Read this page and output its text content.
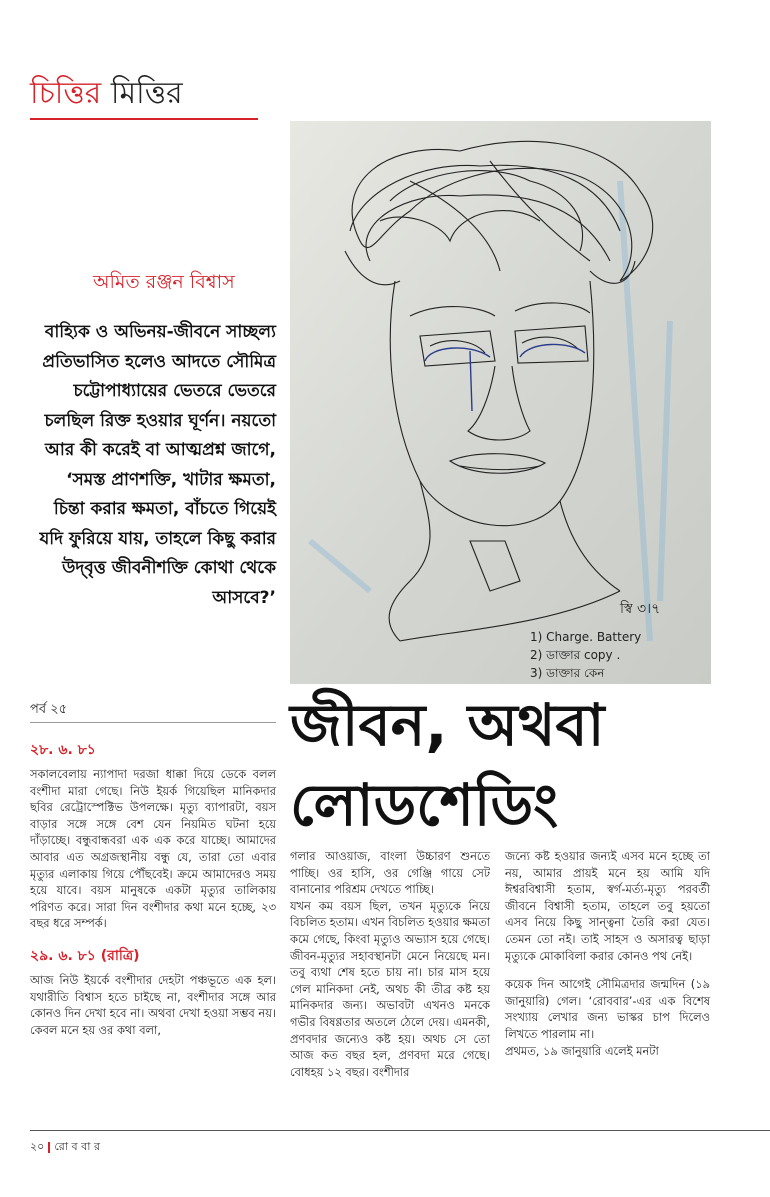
চিত্তির মিত্তির
অমিত রঞ্জন বিশ্বাস
বাহ্যিক ও অভিনয়-জীবনে সাচ্ছল্য প্রতিভাসিত হলেও আদতে সৌমিত্র চট্টোপাধ্যায়ের ভেতরে ভেতরে চলছিল রিক্ত হওয়ার ঘূর্ণন। নয়তো আর কী করেই বা আত্মপ্রশ্ন জাগে, ‘সমস্ত প্রাণশক্তি, খাটার ক্ষমতা, চিন্তা করার ক্ষমতা, বাঁচতে গিয়েই যদি ফুরিয়ে যায়, তাহলে কিছু করার উদ্‌বৃত্ত জীবনীশক্তি কোথা থেকে আসবে?’
স্বি ৩।৭
1) Charge. Battery
2) ডাক্তার copy .
3) ডাক্তার কেন
পর্ব ২৫	জীবন, অথবা
লোডশেডিং
২৮. ৬. ৮১
সকালবেলায় ন্যাপাদা দরজা ধাক্কা দিয়ে ডেকে বলল বংশীদা মারা গেছে। নিউ ইয়র্ক গিয়েছিল মানিকদার ছবির রেট্রোস্পেক্টিভ উপলক্ষে। মৃত্যু ব্যাপারটা, বয়স বাড়ার সঙ্গে সঙ্গে বেশ যেন নিয়মিত ঘটনা হয়ে দাঁড়াচ্ছে। বন্ধুবান্ধবরা এক এক করে যাচ্ছে। আমাদের আবার এত অগ্রজস্থানীয় বন্ধু যে, তারা তো এবার মৃত্যুর এলাকায় গিয়ে পৌঁছবেই। ক্রমে আমাদেরও সময় হয়ে যাবে। বয়স মানুষকে একটা মৃত্যুর তালিকায় পরিণত করে। সারা দিন বংশীদার কথা মনে হচ্ছে, ২৩ বছর ধরে সম্পর্ক।
২৯. ৬. ৮১ (রাত্রি)
আজ নিউ ইয়র্কে বংশীদার দেহটা পঞ্চভূতে এক হল। যথারীতি বিশ্বাস হতে চাইছে না, বংশীদার সঙ্গে আর কোনও দিন দেখা হবে না। অথবা দেখা হওয়া সম্ভব নয়। কেবল মনে হয় ওর কথা বলা,
গলার আওয়াজ, বাংলা উচ্চারণ শুনতে পাচ্ছি। ওর হাসি, ওর গেঞ্জি গায়ে সেট বানানোর পরিশ্রম দেখতে পাচ্ছি।
যখন কম বয়স ছিল, তখন মৃত্যুকে নিয়ে বিচলিত হতাম। এখন বিচলিত হওয়ার ক্ষমতা কমে গেছে, কিংবা মৃত্যুও অভ্যাস হয়ে গেছে। জীবন-মৃত্যুর সহাবস্থানটা মেনে নিয়েছে মন। তবু ব্যথা শেষ হতে চায় না। চার মাস হয়ে গেল মানিকদা নেই, অথচ কী তীব্র কষ্ট হয় মানিকদার জন্য। অভাবটা এখনও মনকে গভীর বিষণ্ণতার অতলে ঠেলে দেয়। এমনকী, প্রণবদার জন্যেও কষ্ট হয়। অথচ সে তো আজ কত বছর হল, প্রণবদা মরে গেছে। বোধহয় ১২ বছর। বংশীদার
জন্যে কষ্ট হওয়ার জন্যই এসব মনে হচ্ছে তা নয়, আমার প্রায়ই মনে হয় আমি যদি ঈশ্বরবিশ্বাসী হতাম, স্বর্গ-মর্ত্য-মৃত্যু পরবর্তী জীবনে বিশ্বাসী হতাম, তাহলে তবু হয়তো এসব নিয়ে কিছু সান্ত্বনা তৈরি করা যেত। তেমন তো নই। তাই সাহস ও অসারত্ব ছাড়া মৃত্যুকে মোকাবিলা করার কোনও পথ নেই।
কয়েক দিন আগেই সৌমিত্রদার জন্মদিন (১৯ জানুয়ারি) গেল। ‘রোববার’-এর এক বিশেষ সংখ্যায় লেখার জন্য ভাস্কর চাপ দিলেও লিখতে পারলাম না।
প্রথমত, ১৯ জানুয়ারি এলেই মনটা
২০ রো ব বা র
